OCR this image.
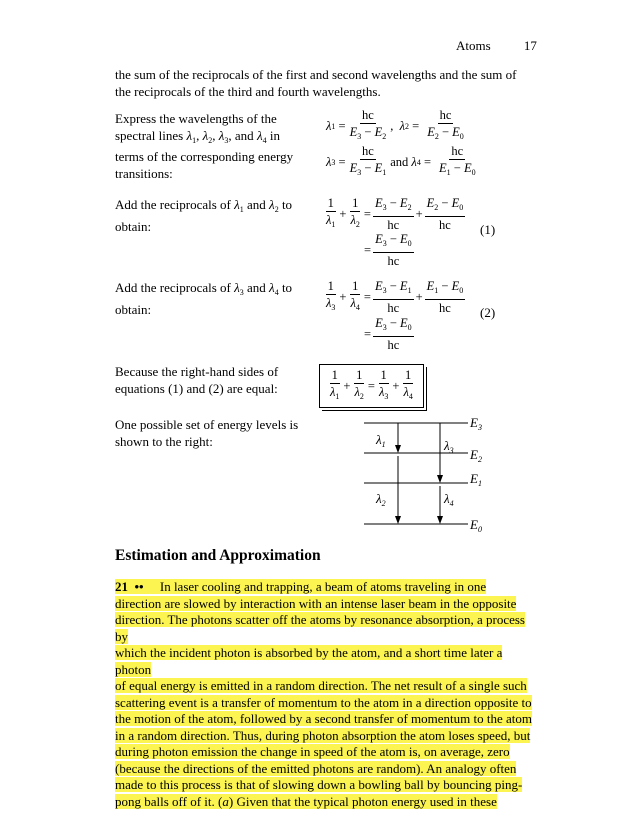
Atoms	17
the sum of the reciprocals of the first and second wavelengths and the sum of the reciprocals of the third and fourth wavelengths.
Express the wavelengths of the spectral lines $\lambda_1$, $\lambda_2$, $\lambda_3$, and $\lambda_4$ in terms of the corresponding energy transitions:
λ $1 = \frac{hc}{E_3 - E_2}$ ,
λ $2 = \frac{hc}{E_2 - E_0}$
λ $3 = \frac{hc}{E_3 - E_1}$ and
λ $4 = \frac{hc}{E_1 - E_0}$
Add the reciprocals of $\lambda_1$ and $\lambda_2$ to obtain:	$\frac{1}{\lambda_1} + \frac{1}{\lambda_2} = \frac{E_3 - E_2}{hc} + \frac{E_2 - E_0}{hc}$
= $\frac{E_3 - E_0}{hc}$
(1)
Add the reciprocals of $\lambda_3$ and $\lambda_4$ to obtain:	$\frac{1}{\lambda_3} + \frac{1}{\lambda_4} = \frac{E_3 - E_1}{hc} + \frac{E_1 - E_0}{hc}$
= $\frac{E_3 - E_0}{hc}$
(2)
Because the right-hand sides of equations (1) and (2) are equal:	$\frac{1}{\lambda_1} + \frac{1}{\lambda_2} = \frac{1}{\lambda_3} + \frac{1}{\lambda_4}$
One possible set of energy levels is shown to the right:	$\lambda_1$
$\lambda_2$
$\lambda_3$
$\lambda_4$
$E_3$
$E_2$
$E_1$
$E_0$
Estimation and Approximation
21 •• In laser cooling and trapping, a beam of atoms traveling in one
direction are slowed by interaction with an intense laser beam in the opposite
direction. The photons scatter off the atoms by resonance absorption, a process by
which the incident photon is absorbed by the atom, and a short time later a photon
of equal energy is emitted in a random direction. The net result of a single such
scattering event is a transfer of momentum to the atom in a direction opposite to
the motion of the atom, followed by a second transfer of momentum to the atom
in a random direction. Thus, during photon absorption the atom loses speed, but
during photon emission the change in speed of the atom is, on average, zero
(because the directions of the emitted photons are random). An analogy often
made to this process is that of slowing down a bowling ball by bouncing ping-
pong balls off of it. (a) Given that the typical photon energy used in these
